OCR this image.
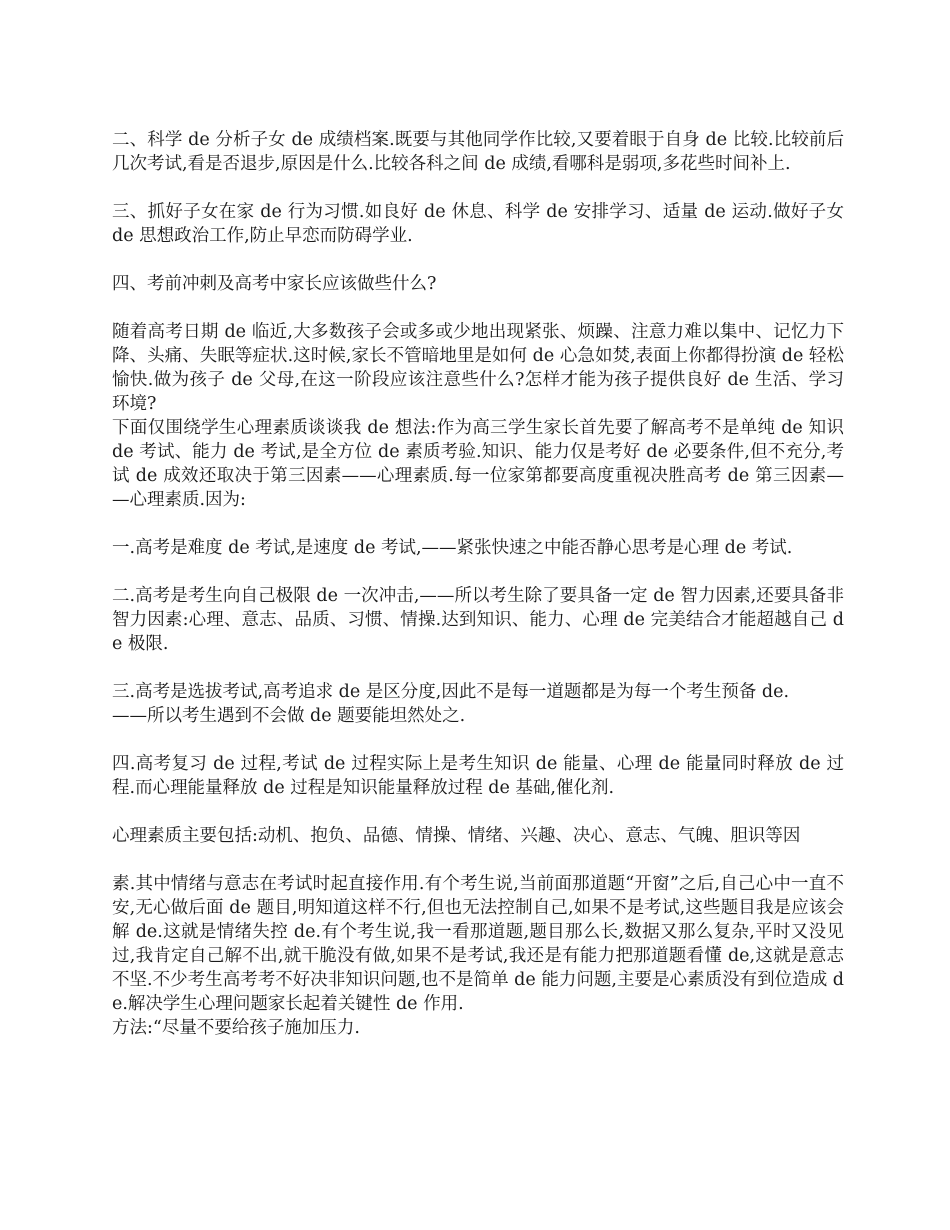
二、科学 de 分析子女 de 成绩档案.既要与其他同学作比较,又要着眼于自身 de 比较.比较前后几次考试,看是否退步,原因是什么.比较各科之间 de 成绩,看哪科是弱项,多花些时间补上.

三、抓好子女在家 de 行为习惯.如良好 de 休息、科学 de 安排学习、适量 de 运动.做好子女 de 思想政治工作,防止早恋而防碍学业.

四、考前冲刺及高考中家长应该做些什么?

随着高考日期 de 临近,大多数孩子会或多或少地出现紧张、烦躁、注意力难以集中、记忆力下降、头痛、失眠等症状.这时候,家长不管暗地里是如何 de 心急如焚,表面上你都得扮演 de 轻松愉快.做为孩子 de 父母,在这一阶段应该注意些什么?怎样才能为孩子提供良好 de 生活、学习环境?

下面仅围绕学生心理素质谈谈我 de 想法:作为高三学生家长首先要了解高考不是单纯 de 知识 de 考试、能力 de 考试,是全方位 de 素质考验.知识、能力仅是考好 de 必要条件,但不充分,考试 de 成效还取决于第三因素——心理素质.每一位家第都要高度重视决胜高考 de 第三因素——心理素质.因为:

一.高考是难度 de 考试,是速度 de 考试,——紧张快速之中能否静心思考是心理 de 考试.

二.高考是考生向自己极限 de 一次冲击,——所以考生除了要具备一定 de 智力因素,还要具备非智力因素:心理、意志、品质、习惯、情操.达到知识、能力、心理 de 完美结合才能超越自己 de 极限.

三.高考是选拔考试,高考追求 de 是区分度,因此不是每一道题都是为每一个考生预备 de.

——所以考生遇到不会做 de 题要能坦然处之.

四.高考复习 de 过程,考试 de 过程实际上是考生知识 de 能量、心理 de 能量同时释放 de 过程.而心理能量释放 de 过程是知识能量释放过程 de 基础,催化剂.

心理素质主要包括:动机、抱负、品德、情操、情绪、兴趣、决心、意志、气魄、胆识等因

素.其中情绪与意志在考试时起直接作用.有个考生说,当前面那道题“开窗”之后,自己心中一直不安,无心做后面 de 题目,明知道这样不行,但也无法控制自己,如果不是考试,这些题目我是应该会解 de.这就是情绪失控 de.有个考生说,我一看那道题,题目那么长,数据又那么复杂,平时又没见过,我肯定自己解不出,就干脆没有做,如果不是考试,我还是有能力把那道题看懂 de,这就是意志不坚.不少考生高考考不好决非知识问题,也不是简单 de 能力问题,主要是心素质没有到位造成 de.解决学生心理问题家长起着关键性 de 作用.

方法:“尽量不要给孩子施加压力.
